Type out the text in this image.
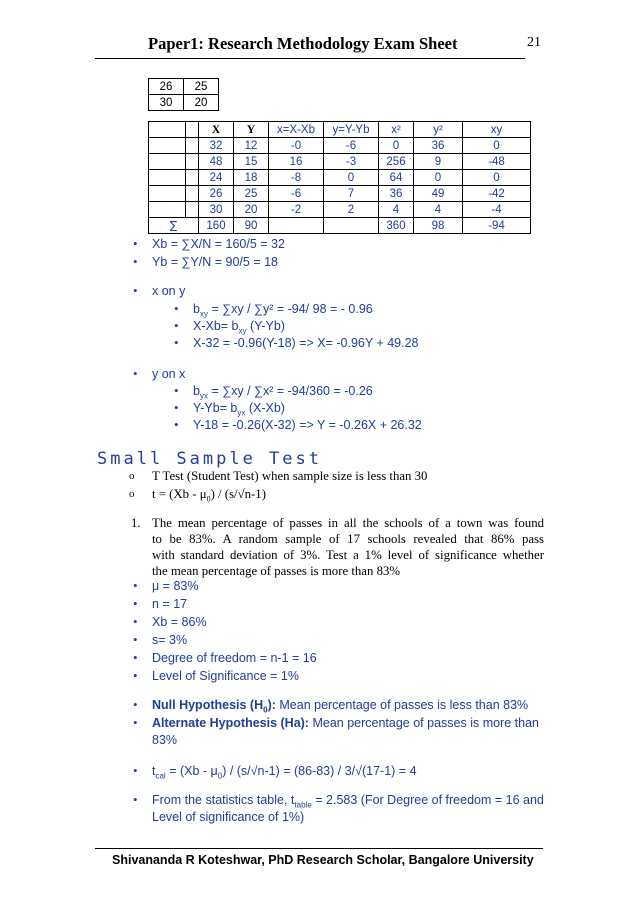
Paper1: Research Methodology Exam Sheet	21
26	25
30	20
		X	Y	x=X-Xb	y=Y-Yb	x²	y²	xy
		32	12	-0	-6	0	36	0
		48	15	16	-3	256	9	-48
		24	18	-8	0	64	0	0
		26	25	-6	7	36	49	-42
		30	20	-2	2	4	4	-4
∑		160	90			360	98	-94
• Xb = ∑X/N = 160/5 = 32
• Yb = ∑Y/N = 90/5 = 18
• x on y
• $b_{xy} = \sum xy / \sum y^2 = -94/$ 98 = - 0.96
• $X-Xb= b_{xy}$ (Y-Yb)
• X-32 = -0.96(Y-18) => X= -0.96Y + 49.28
• y on x
• $b_{yx} = \sum xy / \sum x^2 = -94/360 = -0.26$
• $Y-Yb= b_{yx}$ (X-Xb)
• Y-18 = -0.26(X-32) => Y = -0.26X + 26.32
Small Sample Test
o T Test (Student Test) when sample size is less than 30
o $t = (Xb - \mu_0) / (s/√n-1)$
1. The mean percentage of passes in all the schools of a town was found
to be 83%. A random sample of 17 schools revealed that 86% pass
with standard deviation of 3%. Test a 1% level of significance whether
the mean percentage of passes is more than 83%
• μ = 83%
• n = 17
• Xb = 86%
• s= 3%
• Degree of freedom = n-1 = 16
• Level of Significance = 1%
• Null Hypothesis $(H_0)$: Mean percentage of passes is less than 83%
• Alternate Hypothesis (Ha): Mean percentage of passes is more than
83%
• $t_{cal} = (Xb - \mu_0) / (s/√n-1) = (86-83) / 3/√(17-1) = 4$
• From the statistics table, $t_{table} = 2.583$ (For Degree of freedom = 16 and
Level of significance of 1%)
Shivananda R Koteshwar, PhD Research Scholar, Bangalore University
